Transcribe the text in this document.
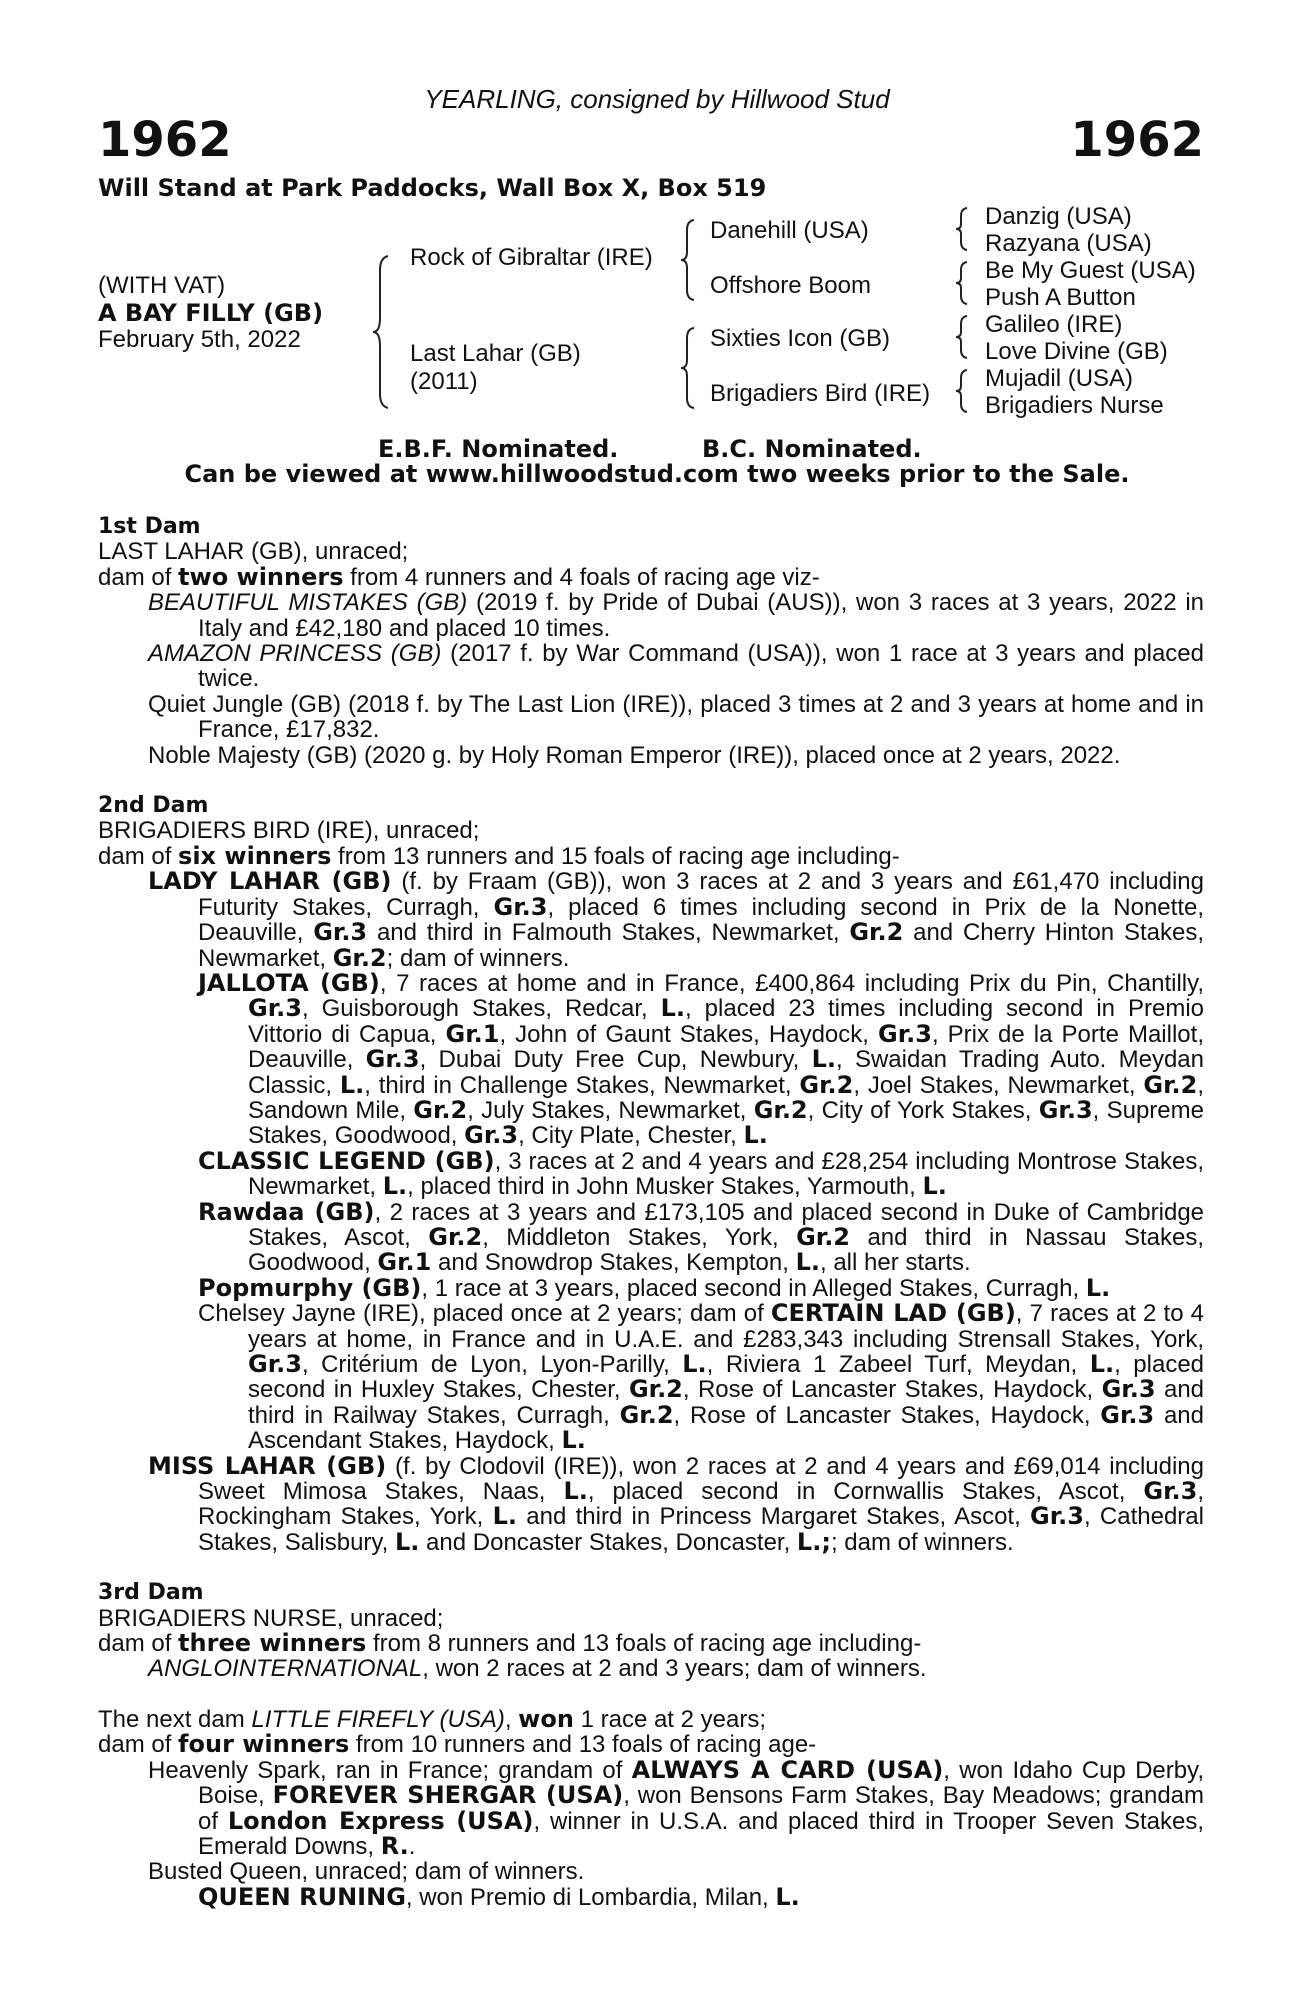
YEARLING, consigned by Hillwood Stud
1962	1962
Will Stand at Park Paddocks, Wall Box X, Box 519
(WITH VAT)
A BAY FILLY (GB)
February 5th, 2022
Rock of Gibraltar (IRE)
Last Lahar (GB)
(2011)
Danehill (USA)
Offshore Boom
Sixties Icon (GB)
Brigadiers Bird (IRE)
Danzig (USA)
Razyana (USA)
Be My Guest (USA)
Push A Button
Galileo (IRE)
Love Divine (GB)
Mujadil (USA)
Brigadiers Nurse
E.B.F. Nominated.	B.C. Nominated.
Can be viewed at www.hillwoodstud.com two weeks prior to the Sale.

1st Dam

LAST LAHAR (GB), unraced;

dam of two winners from 4 runners and 4 foals of racing age viz-

BEAUTIFUL MISTAKES (GB) (2019 f. by Pride of Dubai (AUS)), won 3 races at 3 years, 2022 in Italy and £42,180 and placed 10 times.

AMAZON PRINCESS (GB) (2017 f. by War Command (USA)), won 1 race at 3 years and placed twice.

Quiet Jungle (GB) (2018 f. by The Last Lion (IRE)), placed 3 times at 2 and 3 years at home and in France, £17,832.

Noble Majesty (GB) (2020 g. by Holy Roman Emperor (IRE)), placed once at 2 years, 2022.

2nd Dam

BRIGADIERS BIRD (IRE), unraced;

dam of six winners from 13 runners and 15 foals of racing age including-

LADY LAHAR (GB) (f. by Fraam (GB)), won 3 races at 2 and 3 years and £61,470 including Futurity Stakes, Curragh, Gr.3, placed 6 times including second in Prix de la Nonette, Deauville, Gr.3 and third in Falmouth Stakes, Newmarket, Gr.2 and Cherry Hinton Stakes, Newmarket, Gr.2; dam of winners.

JALLOTA (GB), 7 races at home and in France, £400,864 including Prix du Pin, Chantilly, Gr.3, Guisborough Stakes, Redcar, L., placed 23 times including second in Premio Vittorio di Capua, Gr.1, John of Gaunt Stakes, Haydock, Gr.3, Prix de la Porte Maillot, Deauville, Gr.3, Dubai Duty Free Cup, Newbury, L., Swaidan Trading Auto. Meydan Classic, L., third in Challenge Stakes, Newmarket, Gr.2, Joel Stakes, Newmarket, Gr.2, Sandown Mile, Gr.2, July Stakes, Newmarket, Gr.2, City of York Stakes, Gr.3, Supreme Stakes, Goodwood, Gr.3, City Plate, Chester, L.

CLASSIC LEGEND (GB), 3 races at 2 and 4 years and £28,254 including Montrose Stakes, Newmarket, L., placed third in John Musker Stakes, Yarmouth, L.

Rawdaa (GB), 2 races at 3 years and £173,105 and placed second in Duke of Cambridge Stakes, Ascot, Gr.2, Middleton Stakes, York, Gr.2 and third in Nassau Stakes, Goodwood, Gr.1 and Snowdrop Stakes, Kempton, L., all her starts.

Popmurphy (GB), 1 race at 3 years, placed second in Alleged Stakes, Curragh, L.

Chelsey Jayne (IRE), placed once at 2 years; dam of CERTAIN LAD (GB), 7 races at 2 to 4 years at home, in France and in U.A.E. and £283,343 including Strensall Stakes, York, Gr.3, Critérium de Lyon, Lyon-Parilly, L., Riviera 1 Zabeel Turf, Meydan, L., placed second in Huxley Stakes, Chester, Gr.2, Rose of Lancaster Stakes, Haydock, Gr.3 and third in Railway Stakes, Curragh, Gr.2, Rose of Lancaster Stakes, Haydock, Gr.3 and Ascendant Stakes, Haydock, L.

MISS LAHAR (GB) (f. by Clodovil (IRE)), won 2 races at 2 and 4 years and £69,014 including Sweet Mimosa Stakes, Naas, L., placed second in Cornwallis Stakes, Ascot, Gr.3, Rockingham Stakes, York, L. and third in Princess Margaret Stakes, Ascot, Gr.3, Cathedral Stakes, Salisbury, L. and Doncaster Stakes, Doncaster, L.;; dam of winners.

3rd Dam

BRIGADIERS NURSE, unraced;

dam of three winners from 8 runners and 13 foals of racing age including-

ANGLOINTERNATIONAL, won 2 races at 2 and 3 years; dam of winners.

The next dam LITTLE FIREFLY (USA), won 1 race at 2 years;

dam of four winners from 10 runners and 13 foals of racing age-

Heavenly Spark, ran in France; grandam of ALWAYS A CARD (USA), won Idaho Cup Derby, Boise, FOREVER SHERGAR (USA), won Bensons Farm Stakes, Bay Meadows; grandam of London Express (USA), winner in U.S.A. and placed third in Trooper Seven Stakes, Emerald Downs, R..

Busted Queen, unraced; dam of winners.

QUEEN RUNING, won Premio di Lombardia, Milan, L.
